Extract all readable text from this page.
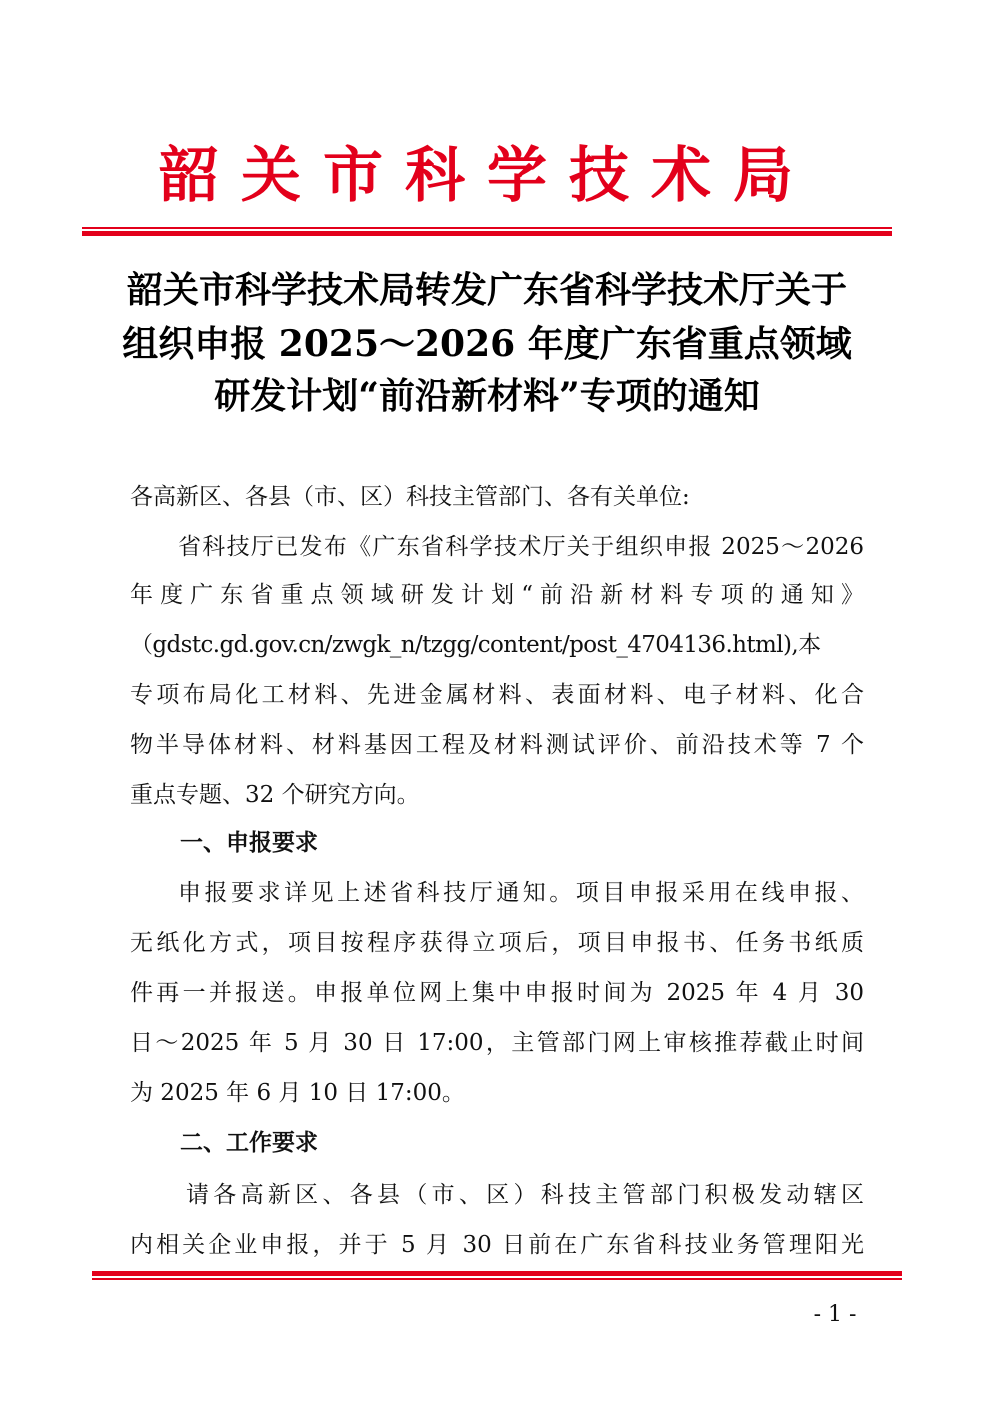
韶关市科学技术局
韶关市科学技术局转发广东省科学技术厅关于
组织申报 2025～2026 年度广东省重点领域
研发计划“前沿新材料”专项的通知
各高新区、各县（市、区）科技主管部门、各有关单位:
省科技厅已发布《广东省科学技术厅关于组织申报 2025～2026
年度广东省重点领域研发计划“前沿新材料专项的通知》
（gdstc.gd.gov.cn/zwgk_n/tzgg/content/post_4704136.html),本
专项布局化工材料、先进金属材料、表面材料、电子材料、化合
物半导体材料、材料基因工程及材料测试评价、前沿技术等 7 个
重点专题、32 个研究方向。
一、申报要求
申报要求详见上述省科技厅通知。项目申报采用在线申报、
无纸化方式，项目按程序获得立项后，项目申报书、任务书纸质
件再一并报送。申报单位网上集中申报时间为 2025 年 4 月 30
日～2025 年 5 月 30 日 17:00，主管部门网上审核推荐截止时间
为 2025 年 6 月 10 日 17:00。
二、工作要求
请各高新区、各县（市、区）科技主管部门积极发动辖区
内相关企业申报，并于 5 月 30 日前在广东省科技业务管理阳光
- 1 -
